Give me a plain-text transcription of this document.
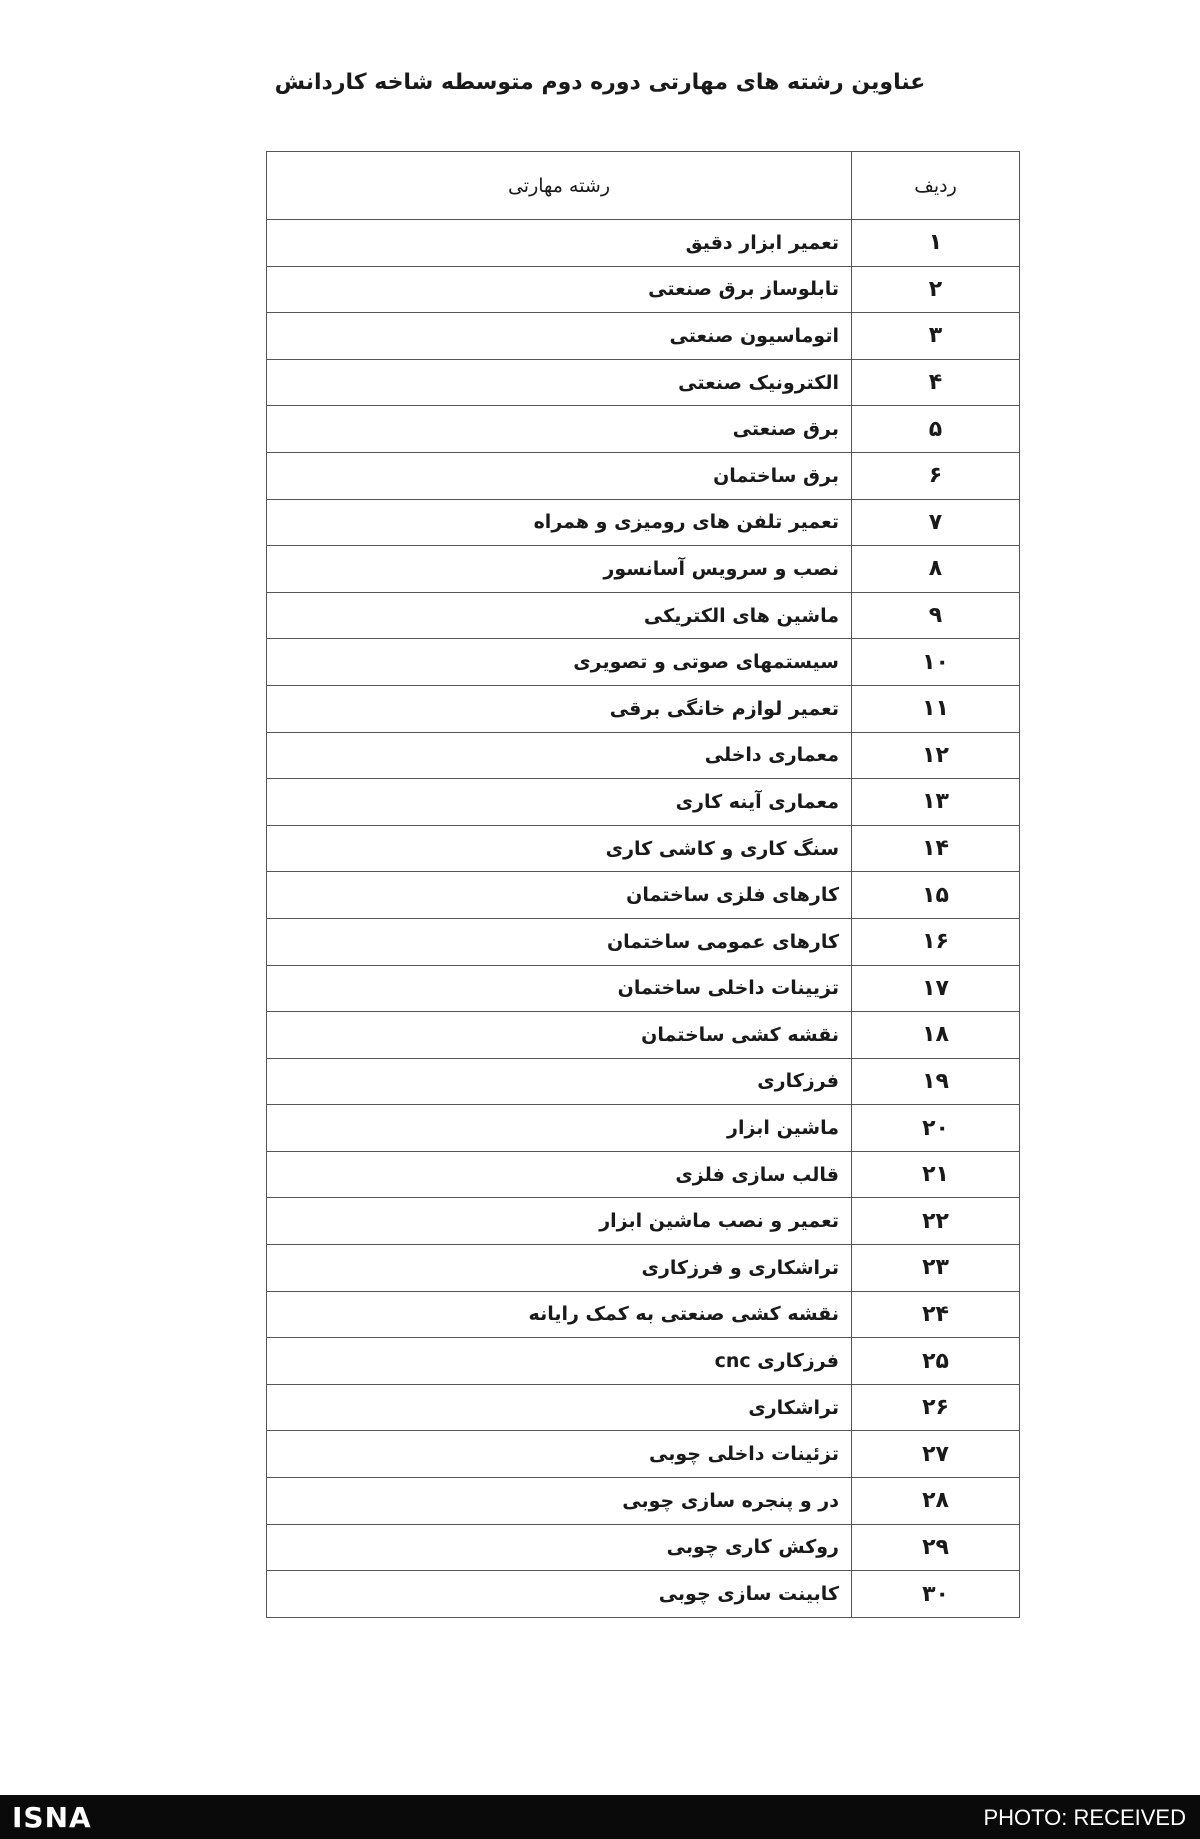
عناوین رشته های مهارتی دوره دوم متوسطه شاخه کاردانش
ردیف	رشته مهارتی
۱	تعمیر ابزار دقیق
۲	تابلوساز برق صنعتی
۳	اتوماسیون صنعتی
۴	الکترونیک صنعتی
۵	برق صنعتی
۶	برق ساختمان
۷	تعمیر تلفن های رومیزی و همراه
۸	نصب و سرویس آسانسور
۹	ماشین های الکتریکی
۱۰	سیستمهای صوتی و تصویری
۱۱	تعمیر لوازم خانگی برقی
۱۲	معماری داخلی
۱۳	معماری آینه کاری
۱۴	سنگ کاری و کاشی کاری
۱۵	کارهای فلزی ساختمان
۱۶	کارهای عمومی ساختمان
۱۷	تزیینات داخلی ساختمان
۱۸	نقشه کشی ساختمان
۱۹	فرزکاری
۲۰	ماشین ابزار
۲۱	قالب سازی فلزی
۲۲	تعمیر و نصب ماشین ابزار
۲۳	تراشکاری و فرزکاری
۲۴	نقشه کشی صنعتی به کمک رایانه
۲۵	فرزکاری cnc
۲۶	تراشکاری
۲۷	تزئینات داخلی چوبی
۲۸	در و پنجره سازی چوبی
۲۹	روکش کاری چوبی
۳۰	کابینت سازی چوبی
ISNA	PHOTO: RECEIVED
